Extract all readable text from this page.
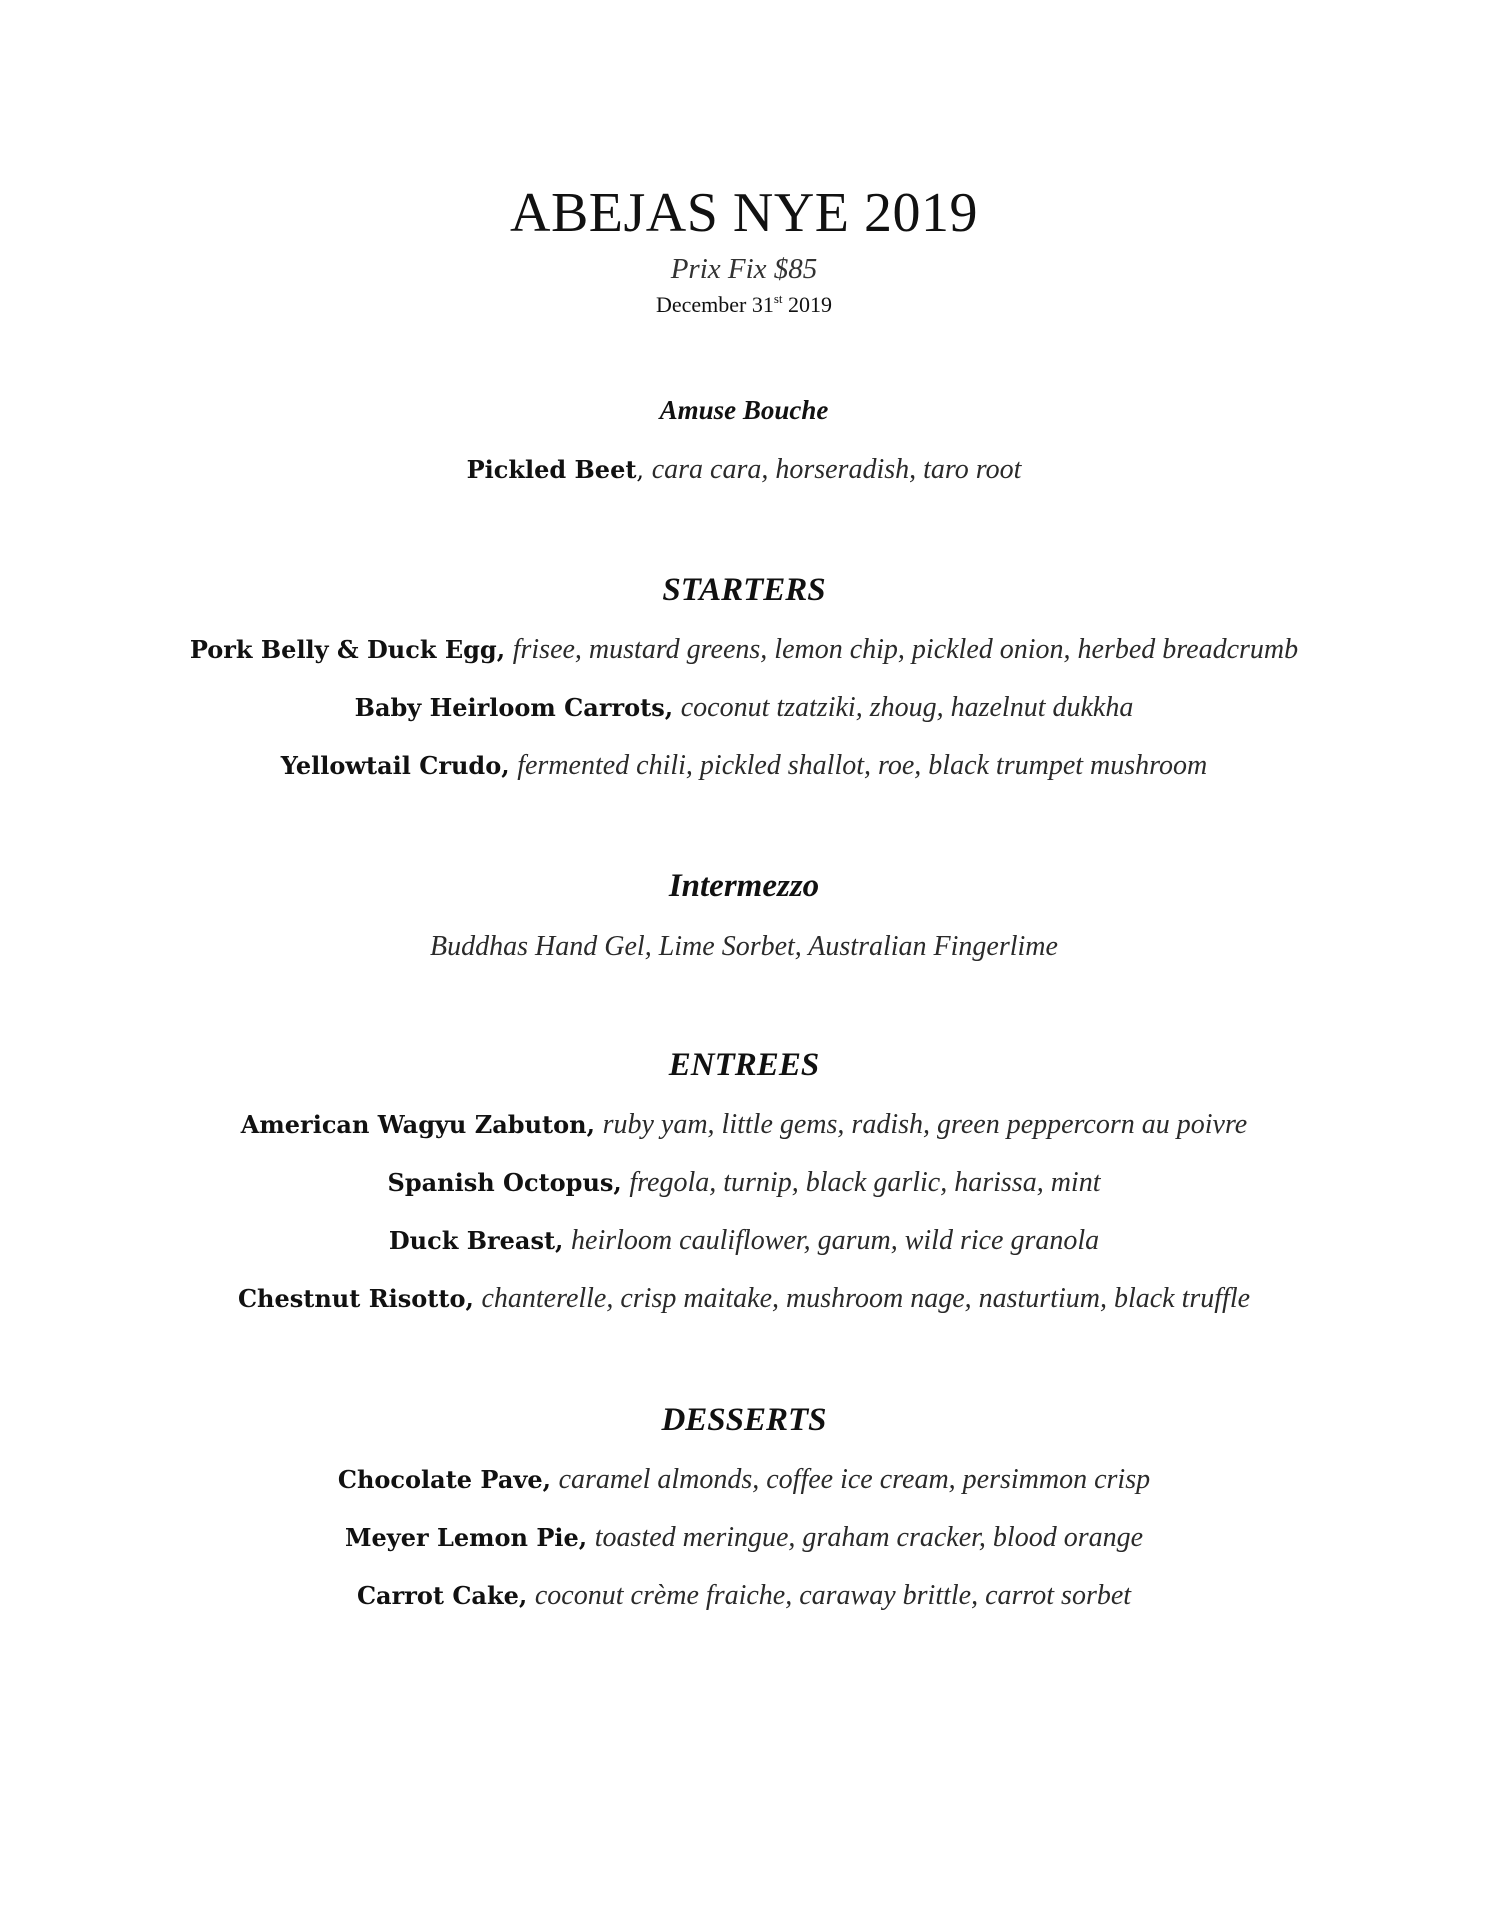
ABEJAS NYE 2019
Prix Fix $85
December 31st 2019
Amuse Bouche
Pickled Beet, cara cara, horseradish, taro root
STARTERS
Pork Belly & Duck Egg, frisee, mustard greens, lemon chip, pickled onion, herbed breadcrumb
Baby Heirloom Carrots, coconut tzatziki, zhoug, hazelnut dukkha
Yellowtail Crudo, fermented chili, pickled shallot, roe, black trumpet mushroom
Intermezzo
Buddhas Hand Gel, Lime Sorbet, Australian Fingerlime
ENTREES
American Wagyu Zabuton, ruby yam, little gems, radish, green peppercorn au poivre
Spanish Octopus, fregola, turnip, black garlic, harissa, mint
Duck Breast, heirloom cauliflower, garum, wild rice granola
Chestnut Risotto, chanterelle, crisp maitake, mushroom nage, nasturtium, black truffle
DESSERTS
Chocolate Pave, caramel almonds, coffee ice cream, persimmon crisp
Meyer Lemon Pie, toasted meringue, graham cracker, blood orange
Carrot Cake, coconut crème fraiche, caraway brittle, carrot sorbet
